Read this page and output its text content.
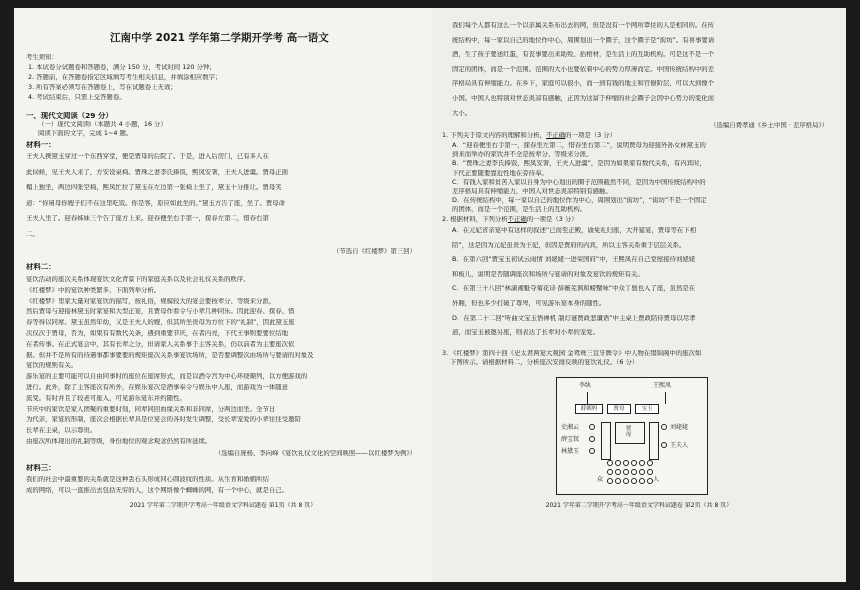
江南中学 2021 学年第二学期开学考 高一语文
考生须知：
1. 本试卷分试题卷和答题卷，满分 150 分，考试时间 120 分钟；
2. 答题前，在答题卷指定区域填写考生相关信息，并填涂相应数字；
3. 所有答案必须写在答题卷上，写在试题卷上无效；
4. 考试结束后，只需上交答题卷。
一、现代文阅读（29 分）
（一）现代文阅读Ⅰ（本题共 4 小题，16 分）
阅读下面的文字，完成 1~4 题。
材料一：
王夫人携黛玉穿过一个东西穿堂，便是贾母的后院了。于是，进入后房门，已有多人在
此伺候，见王夫人来了，方安设桌椅。贾珠之妻李氏捧饭，熙凤安箸，王夫人进羹。贾母正面
榻上独坐，两边四张空椅，熙凤忙拉了黛玉在左边第一张椅上坐了，黛玉十分推让。贾母笑
道：“你舅母你嫂子们不在这里吃饭。你是客，原应如此坐的。”黛玉方告了座，坐了。贾母命
王夫人坐了。迎春姊妹三个告了座方上来。迎春便坐右手第一，探春左第二，惜春右第
二。
（节选自《红楼梦》第三回）
材料二：
宴饮活动的座次关系体现宴饮文化背景下的家庭关系以及社会礼仪关系的秩序。
《红楼梦》中的宴饮种类繁多，下面列举分析。
《红楼梦》里家大量对家宴饮的描写，按礼俗，规模较大的宴会要按辈分、等级来分派，
然后贾母与迎接林黛玉时家宴和大型正宴，且贾母作看令与小辈几种同乐。因此迎春、探春、惜
春等得以同席。黛玉虽然年幼，又是王夫人的嫂，但其所坐贵母为方位下的“礼制”，因此黛玉座
次仅次于贾母，否为，如果有有数代关条，遇到重要节庆，在者内亮，下代王事则要要位结地
在者传事。在正式宴会中，其有长辈之分，但请家人关系事于主客关系，仍以前者为主要座次依
据。但并不是所有的待遇事都事要要的规矩座次关系事宴饮场所，是否要调整次由场所与要请的对象及
宴饮的规则有关。
游乐宴的主要可能可以自由同事时的座位在座席形式，而是以酒令宫为中心环绕顺列，以方便游戏的
进行。此外，除了主客座次有所外，在娱乐宴次是酒事奉令与娱乐中人座，而游戏为一体随意
流变。有时并且了较老可座入，可见游乐宴东并约随性。
节庆中的家饮是家人团聚的重要时刻，同辈同回血缘关系和非同席，分两边而坐。全节日
为代亲，家宴的形制，座次会根据长辈具是位宴会的各时发生调整，受长辈宠爱的小辈往往受邀陪
长辈在主桌，以示尊贵。
由座次所体现出的礼制等级，身份地位的观念观念仍然有所延续。
（选编自庞杨、李向峰《宴饮礼仪文化的空间映照——以红楼梦为例》）
材料三：
我们的社会中最重要的关系就是这种丢石头形成同心圆波纹的性质。从生育和婚姻所结
成的网络，可以一直推出去包括无穷的人，这个网络像个蜘蛛的网，有一个中心，就是自己。
2021 学年第二学期开学考高一年级语文学科试题卷 第1页（共 8 页）
我们每个人都有这么一个以亲属关系布出去的网，但是没有一个网所罩住的人是相同的。在传
统结构中，每一家以自己的地位作中心，周围划出一个圈子，这个圈子是“街坊”。有喜事要请
酒，生了孩子要送红蛋，有丧事要出来助殓、抬棺材，是生活上的互助机构。可是这不是一个
固定的团体，而是一个范围。范围的大小也要依着中心的势力厚薄而定。中国传统结构中的差
序格局具有伸缩能力。在乡下，家庭可以很小，而一到有钱的地主和官僚阶层，可以大到像个
小国。中国人也特别对世态炎凉有感触，正因为这富于伸缩的社会圈子会因中心势力的变化而
大小。
（选编自费孝通《乡土中国 · 差序格局》）
1. 下列关于原文内容的理解和分析，不正确的一项是（3 分）
A．“迎春便坐右手第一，探春坐左第二，惜春坐右第二”，说明贾母为迎接外孙女林黛玉的
到来而举办的家饮并不全是按辈分、等级来分派。
B．“贾珠之妻李氏捧饭，熙凤安箸，王夫人进羹”，是因为如果家有数代关系，有内宾时，
下代正要随要靠近性地在旁侍奉。
C．有钱人家和贫苦人家以自身为中心划出的圈子范围截然不同，是因为中国传统结构中的
差序格局具有伸缩能力，中国人对世态炎凉特别有感触。
D．在传统结构中，每一家以自己的地位作为中心，周围划出“街坊”，“街坊”不是一个固定
的团体，而是一个范围，是生活上的互助机构。
2. 根据材料，下列分析不正确的一项是（3 分）
A．在元妃省亲宴中有这样的叙述“已而至正殿，谕免礼归座，大开筵宴，贾母等在下相
陪”，这是因为元妃虽贵为王妃，但因是贾府的内宾，所以主客关系重于层层关系。
B．在第六回“贾宝玉初试云雨情 刘姥姥一进荣国府”中，王熙凤在自己堂屋接待刘姥姥
和板儿，说明是否随调座次和场所与宴请的对象及宴饮的规矩有关。
C．在第三十八回“林潇湘魁夺菊花诗 薛蘅芜讽和螃蟹咏”中众丫鬟也入了座，虽然是在
外厢，但也多少打破了尊卑，可见游乐宴本身的随性。
D．在第二十二回“听曲文宝玉悟禅机 制灯谜贾政悲谶语”中主桌上贾政陪侍贾母以尽孝
道，而宝玉被邀另座，则表达了长辈对小辈的宠爱。
3. 《红楼梦》第四十回《史太君两宴大观园 金鸳鸯三宣牙牌令》中人物在缀锦阁中的座次如
下图所示。请根据材料二，分析座次安排反映的宴饮礼仪。（6 分）
李纨	王熙凤
薛姨妈	贾母	宝玉
史湘云
薛宝钗
林黛玉
贾母
刘姥姥
王夫人
众	人
2021 学年第二学期开学考高一年级语文学科试题卷 第2页（共 8 页）
